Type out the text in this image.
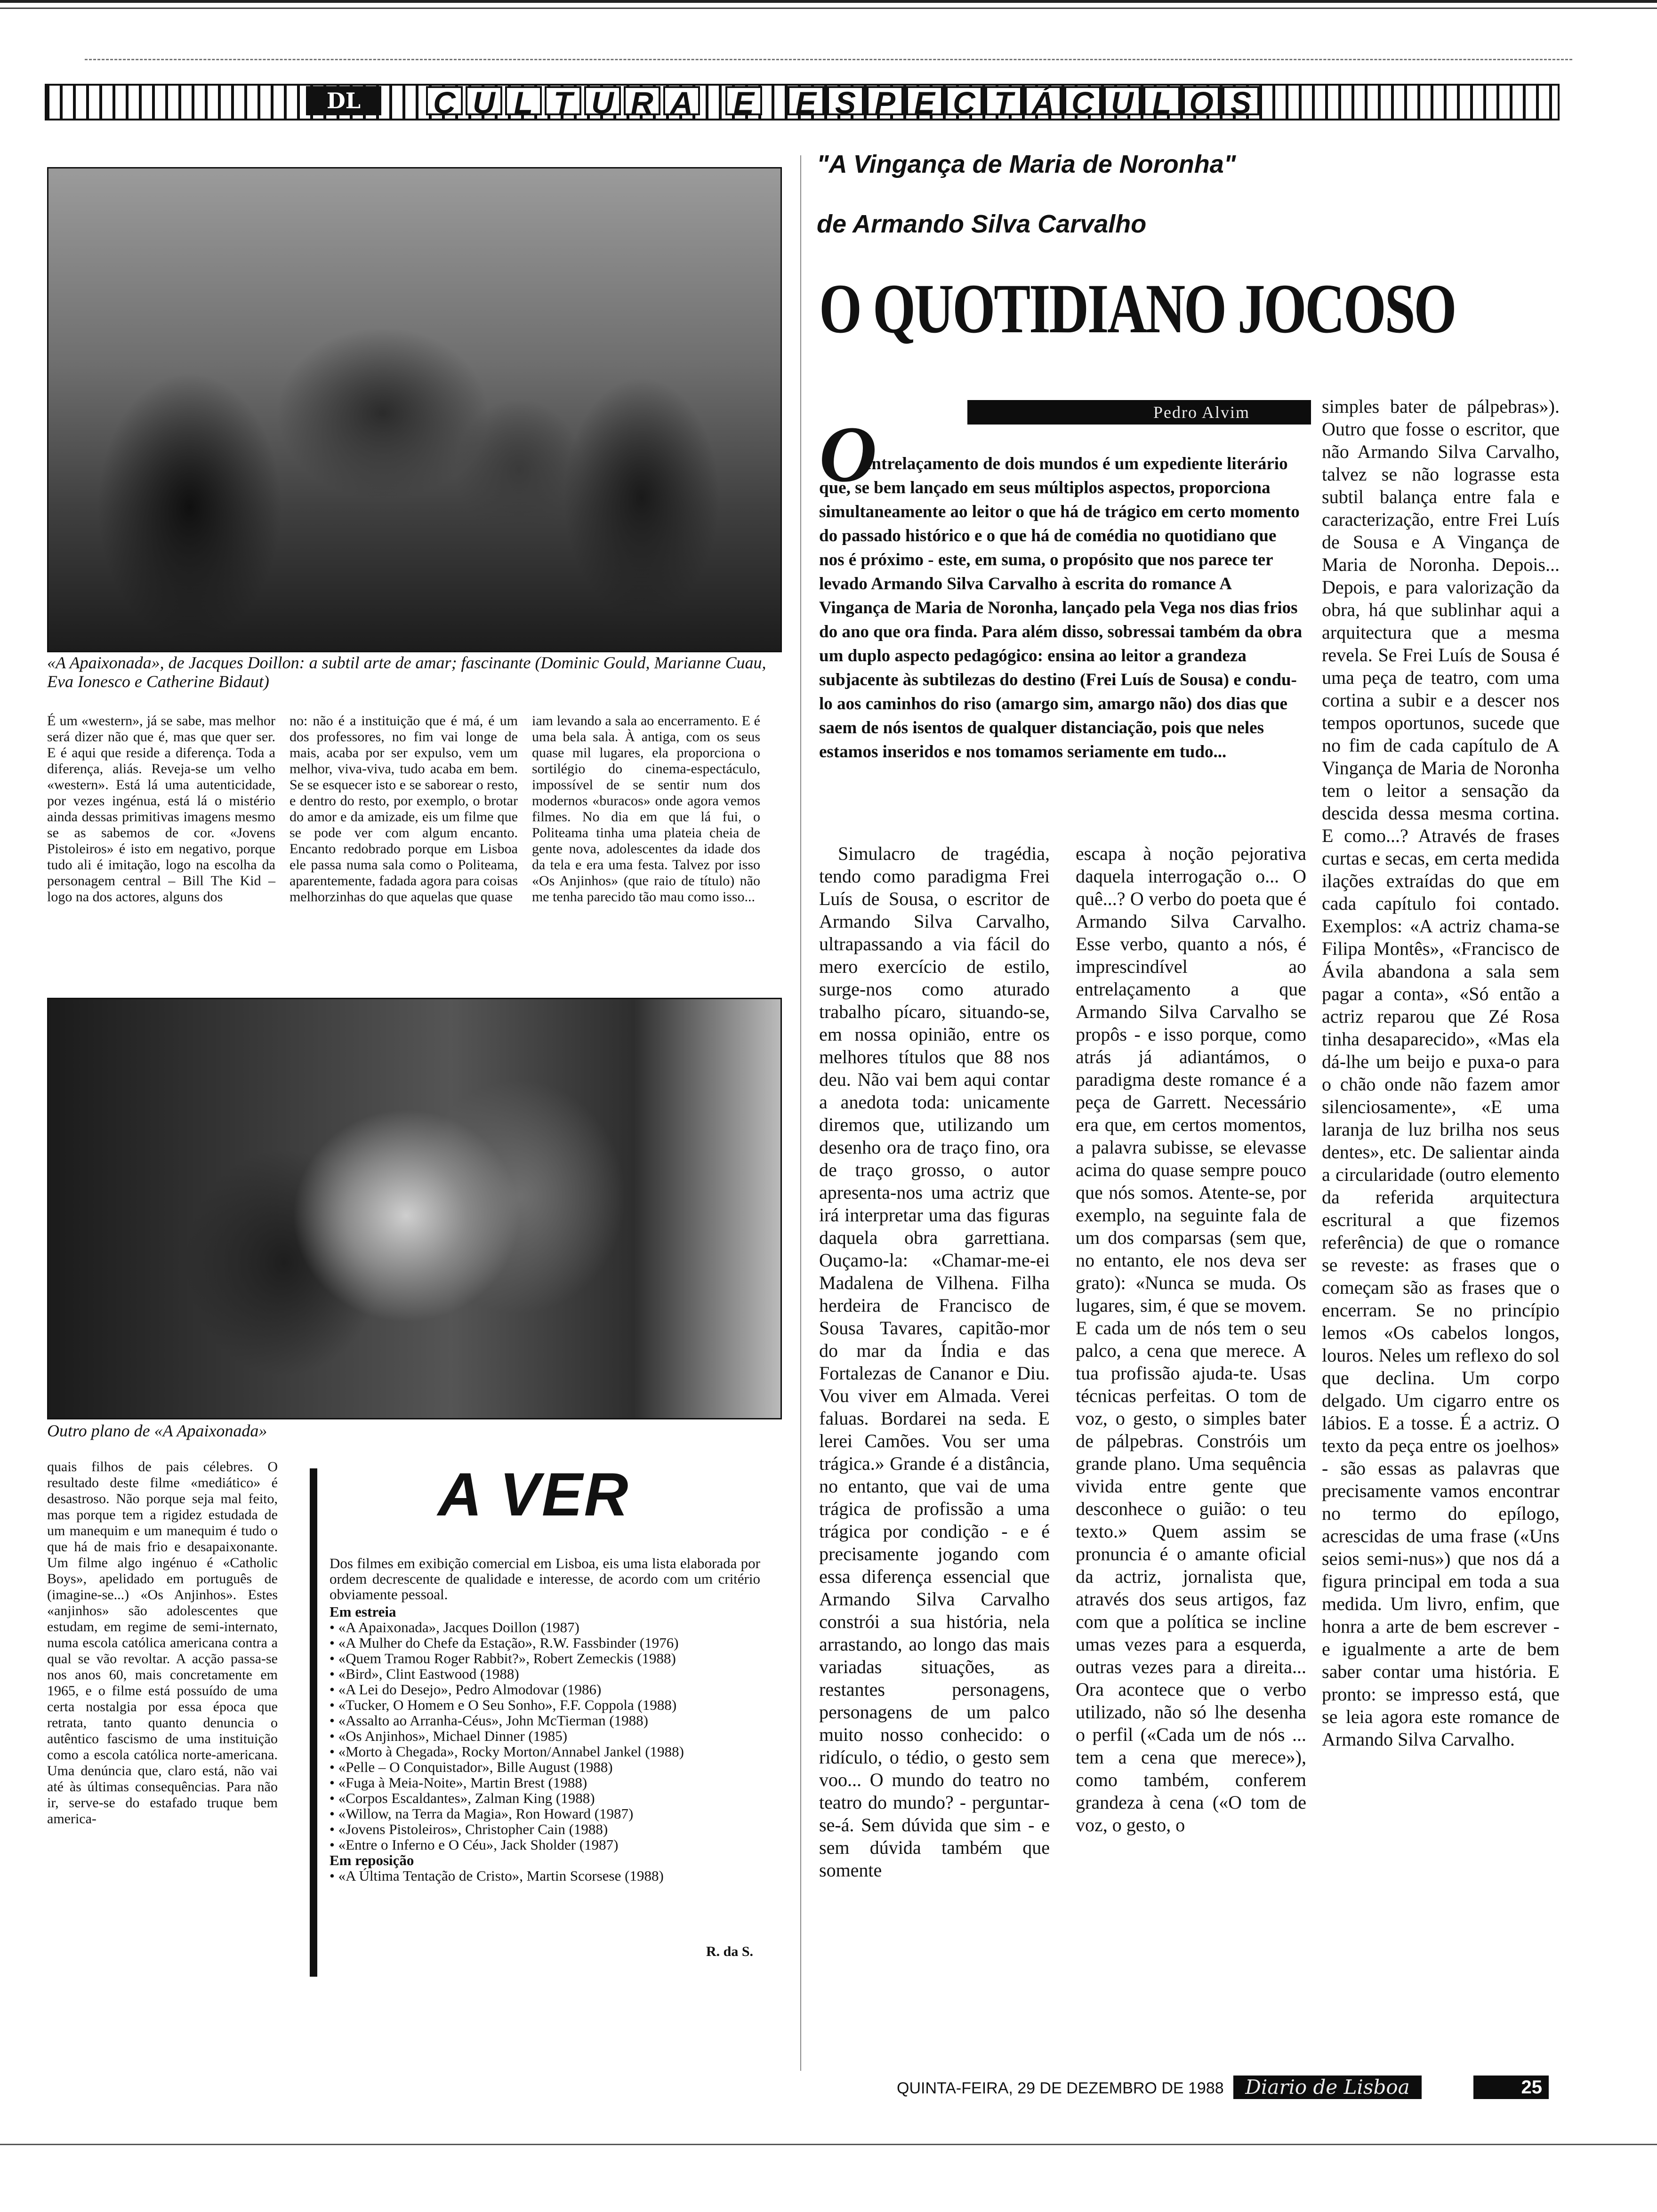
DL	C U L T U R A E E S P E C T Á C U L O S
«A Apaixonada», de Jacques Doillon: a subtil arte de amar; fascinante (Dominic Gould, Marianne Cuau, Eva Ionesco e Catherine Bidaut)
É um «western», já se sabe, mas melhor será dizer não que é, mas que quer ser. E é aqui que reside a diferença. Toda a diferença, aliás. Reveja-se um velho «western». Está lá uma autenticidade, por vezes ingénua, está lá o mistério ainda dessas primitivas imagens mesmo se as sabemos de cor. «Jovens Pistoleiros» é isto em negativo, porque tudo ali é imitação, logo na escolha da personagem central – Bill The Kid – logo na dos actores, alguns dos
no: não é a instituição que é má, é um dos professores, no fim vai longe de mais, acaba por ser expulso, vem um melhor, viva-viva, tudo acaba em bem. Se se esquecer isto e se saborear o resto, e dentro do resto, por exemplo, o brotar do amor e da amizade, eis um filme que se pode ver com algum encanto. Encanto redobrado porque em Lisboa ele passa numa sala como o Politeama, aparentemente, fadada agora para coisas melhorzinhas do que aquelas que quase
iam levando a sala ao encerramento. E é uma bela sala. À antiga, com os seus quase mil lugares, ela proporciona o sortilégio do cinema-espectáculo, impossível de se sentir num dos modernos «buracos» onde agora vemos filmes. No dia em que lá fui, o Politeama tinha uma plateia cheia de gente nova, adolescentes da idade dos da tela e era uma festa. Talvez por isso «Os Anjinhos» (que raio de título) não me tenha parecido tão mau como isso...
Outro plano de «A Apaixonada»
quais filhos de pais célebres. O resultado deste filme «mediático» é desastroso. Não porque seja mal feito, mas porque tem a rigidez estudada de um manequim e um manequim é tudo o que há de mais frio e desapaixonante. Um filme algo ingénuo é «Catholic Boys», apelidado em português de (imagine-se...) «Os Anjinhos». Estes «anjinhos» são adolescentes que estudam, em regime de semi-internato, numa escola católica americana contra a qual se vão revoltar. A acção passa-se nos anos 60, mais concretamente em 1965, e o filme está possuído de uma certa nostalgia por essa época que retrata, tanto quanto denuncia o autêntico fascismo de uma instituição como a escola católica norte-americana. Uma denúncia que, claro está, não vai até às últimas consequências. Para não ir, serve-se do estafado truque bem america-
A VER

Dos filmes em exibição comercial em Lisboa, eis uma lista elaborada por ordem decrescente de qualidade e interesse, de acordo com um critério obviamente pessoal.

Em estreia
• «A Apaixonada», Jacques Doillon (1987)
• «A Mulher do Chefe da Estação», R.W. Fassbinder (1976)
• «Quem Tramou Roger Rabbit?», Robert Zemeckis (1988)
• «Bird», Clint Eastwood (1988)
• «A Lei do Desejo», Pedro Almodovar (1986)
• «Tucker, O Homem e O Seu Sonho», F.F. Coppola (1988)
• «Assalto ao Arranha-Céus», John McTierman (1988)
• «Os Anjinhos», Michael Dinner (1985)
• «Morto à Chegada», Rocky Morton/Annabel Jankel (1988)
• «Pelle – O Conquistador», Bille August (1988)
• «Fuga à Meia-Noite», Martin Brest (1988)
• «Corpos Escaldantes», Zalman King (1988)
• «Willow, na Terra da Magia», Ron Howard (1987)
• «Jovens Pistoleiros», Christopher Cain (1988)
• «Entre o Inferno e O Céu», Jack Sholder (1987)
Em reposição
• «A Última Tentação de Cristo», Martin Scorsese (1988)
R. da S.
"A Vingança de Maria de Noronha"
de Armando Silva Carvalho
O QUOTIDIANO JOCOSO
Pedro Alvim
O
entrelaçamento de dois mundos é um expediente literário que, se bem lançado em seus múltiplos aspectos, proporciona simultaneamente ao leitor o que há de trágico em certo momento do passado histórico e o que há de comédia no quotidiano que nos é próximo - este, em suma, o propósito que nos parece ter levado Armando Silva Carvalho à escrita do romance A Vingança de Maria de Noronha, lançado pela Vega nos dias frios do ano que ora finda. Para além disso, sobressai também da obra um duplo aspecto pedagógico: ensina ao leitor a grandeza subjacente às subtilezas do destino (Frei Luís de Sousa) e condu-lo aos caminhos do riso (amargo sim, amargo não) dos dias que saem de nós isentos de qualquer distanciação, pois que neles estamos inseridos e nos tomamos seriamente em tudo...
Simulacro de tragédia, tendo como paradigma Frei Luís de Sousa, o escritor de Armando Silva Carvalho, ultrapassando a via fácil do mero exercício de estilo, surge-nos como aturado trabalho pícaro, situando-se, em nossa opinião, entre os melhores títulos que 88 nos deu. Não vai bem aqui contar a anedota toda: unicamente diremos que, utilizando um desenho ora de traço fino, ora de traço grosso, o autor apresenta-nos uma actriz que irá interpretar uma das figuras daquela obra garrettiana. Ouçamo-la: «Chamar-me-ei Madalena de Vilhena. Filha herdeira de Francisco de Sousa Tavares, capitão-mor do mar da Índia e das Fortalezas de Cananor e Diu. Vou viver em Almada. Verei faluas. Bordarei na seda. E lerei Camões. Vou ser uma trágica.» Grande é a distância, no entanto, que vai de uma trágica de profissão a uma trágica por condição - e é precisamente jogando com essa diferença essencial que Armando Silva Carvalho constrói a sua história, nela arrastando, ao longo das mais variadas situações, as restantes personagens, personagens de um palco muito nosso conhecido: o ridículo, o tédio, o gesto sem voo... O mundo do teatro no teatro do mundo? - perguntar-se-á. Sem dúvida que sim - e sem dúvida também que somente
escapa à noção pejorativa daquela interrogação o... O quê...? O verbo do poeta que é Armando Silva Carvalho. Esse verbo, quanto a nós, é imprescindível ao entrelaçamento a que Armando Silva Carvalho se propôs - e isso porque, como atrás já adiantámos, o paradigma deste romance é a peça de Garrett. Necessário era que, em certos momentos, a palavra subisse, se elevasse acima do quase sempre pouco que nós somos. Atente-se, por exemplo, na seguinte fala de um dos comparsas (sem que, no entanto, ele nos deva ser grato): «Nunca se muda. Os lugares, sim, é que se movem. E cada um de nós tem o seu palco, a cena que merece. A tua profissão ajuda-te. Usas técnicas perfeitas. O tom de voz, o gesto, o simples bater de pálpebras. Constróis um grande plano. Uma sequência vivida entre gente que desconhece o guião: o teu texto.» Quem assim se pronuncia é o amante oficial da actriz, jornalista que, através dos seus artigos, faz com que a política se incline umas vezes para a esquerda, outras vezes para a direita... Ora acontece que o verbo utilizado, não só lhe desenha o perfil («Cada um de nós ... tem a cena que merece»), como também, conferem grandeza à cena («O tom de voz, o gesto, o
simples bater de pálpebras»). Outro que fosse o escritor, que não Armando Silva Carvalho, talvez se não lograsse esta subtil balança entre fala e caracterização, entre Frei Luís de Sousa e A Vingança de Maria de Noronha. Depois... Depois, e para valorização da obra, há que sublinhar aqui a arquitectura que a mesma revela. Se Frei Luís de Sousa é uma peça de teatro, com uma cortina a subir e a descer nos tempos oportunos, sucede que no fim de cada capítulo de A Vingança de Maria de Noronha tem o leitor a sensação da descida dessa mesma cortina. E como...? Através de frases curtas e secas, em certa medida ilações extraídas do que em cada capítulo foi contado. Exemplos: «A actriz chama-se Filipa Montês», «Francisco de Ávila abandona a sala sem pagar a conta», «Só então a actriz reparou que Zé Rosa tinha desaparecido», «Mas ela dá-lhe um beijo e puxa-o para o chão onde não fazem amor silenciosamente», «E uma laranja de luz brilha nos seus dentes», etc. De salientar ainda a circularidade (outro elemento da referida arquitectura escritural a que fizemos referência) de que o romance se reveste: as frases que o começam são as frases que o encerram. Se no princípio lemos «Os cabelos longos, louros. Neles um reflexo do sol que declina. Um corpo delgado. Um cigarro entre os lábios. E a tosse. É a actriz. O texto da peça entre os joelhos» - são essas as palavras que precisamente vamos encontrar no termo do epílogo, acrescidas de uma frase («Uns seios semi-nus») que nos dá a figura principal em toda a sua medida. Um livro, enfim, que honra a arte de bem escrever - e igualmente a arte de bem saber contar uma história. E pronto: se impresso está, que se leia agora este romance de Armando Silva Carvalho.
QUINTA-FEIRA, 29 DE DEZEMBRO DE 1988	Diario de Lisboa	25
